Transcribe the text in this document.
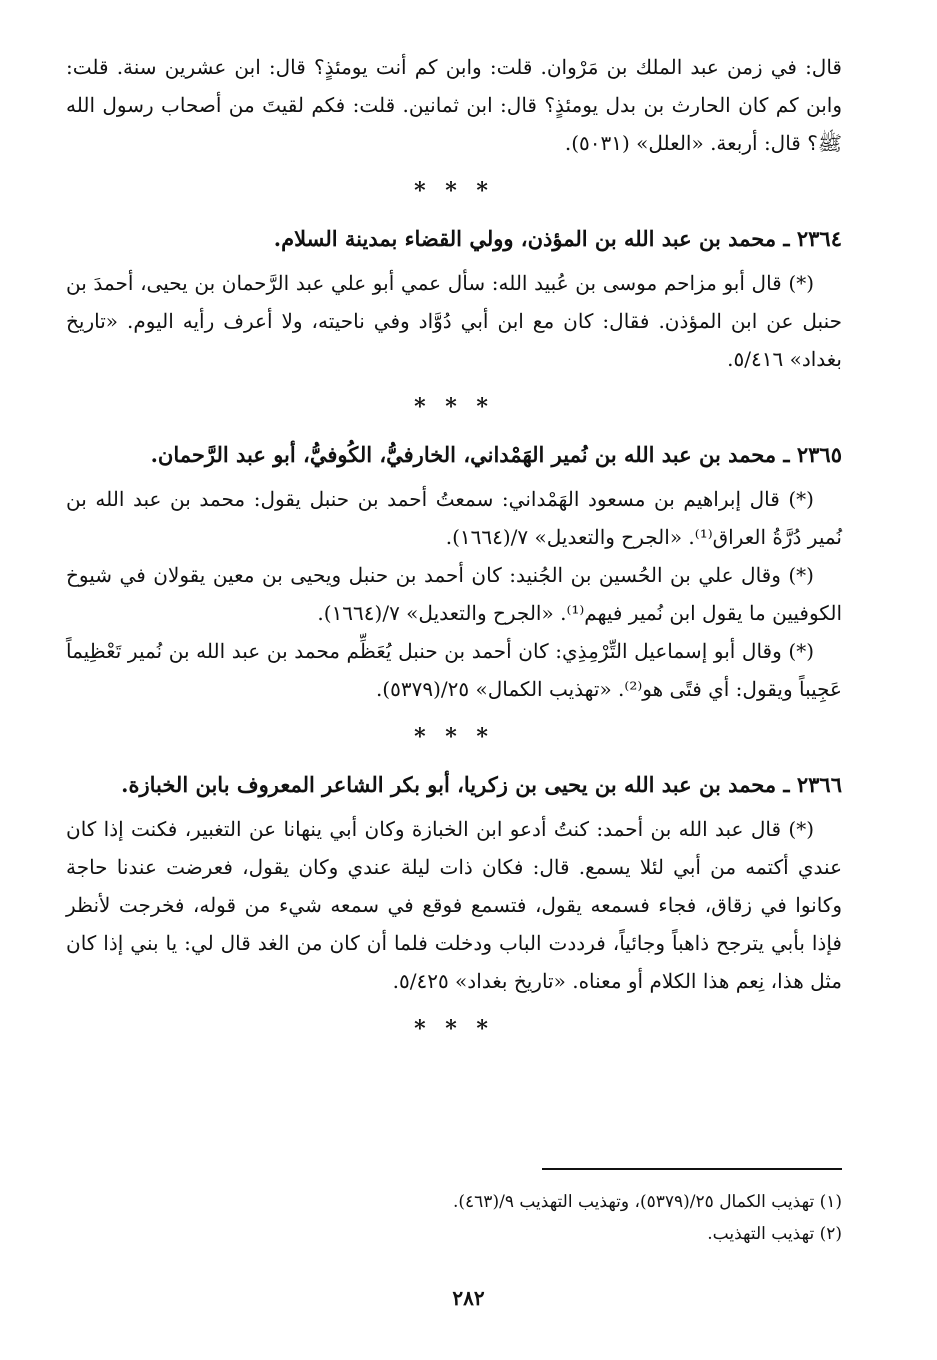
قال: في زمن عبد الملك بن مَرْوان. قلت: وابن كم أنت يومئذٍ؟ قال: ابن عشرين سنة. قلت: وابن كم كان الحارث بن بدل يومئذٍ؟ قال: ابن ثمانين. قلت: فكم لقيتَ من أصحاب رسول الله ﷺ؟ قال: أربعة. «العلل» (٥٠٣١).

* * *

٢٣٦٤ ـ محمد بن عبد الله بن المؤذن، وولي القضاء بمدينة السلام.

(*) قال أبو مزاحم موسى بن عُبيد الله: سأل عمي أبو علي عبد الرَّحمان بن يحيى، أحمدَ بن حنبل عن ابن المؤذن. فقال: كان مع ابن أبي دُوَّاد وفي ناحيته، ولا أعرف رأيه اليوم. «تاريخ بغداد» ٥/٤١٦.

* * *

٢٣٦٥ ـ محمد بن عبد الله بن نُمير الهَمْداني، الخارفيُّ، الكُوفيُّ، أبو عبد الرَّحمان.

(*) قال إبراهيم بن مسعود الهَمْداني: سمعتُ أحمد بن حنبل يقول: محمد بن عبد الله بن نُمير دُرَّةُ العراق⁽¹⁾. «الجرح والتعديل» ٧/(١٦٦٤).

(*) وقال علي بن الحُسين بن الجُنيد: كان أحمد بن حنبل ويحيى بن معين يقولان في شيوخ الكوفيين ما يقول ابن نُمير فيهم⁽¹⁾. «الجرح والتعديل» ٧/(١٦٦٤).

(*) وقال أبو إسماعيل التِّرْمِذِي: كان أحمد بن حنبل يُعَظِّم محمد بن عبد الله بن نُمير تَعْظِيماً عَجِيباً ويقول: أي فتًى هو⁽²⁾. «تهذيب الكمال» ٢٥/(٥٣٧٩).

* * *

٢٣٦٦ ـ محمد بن عبد الله بن يحيى بن زكريا، أبو بكر الشاعر المعروف بابن الخبازة.

(*) قال عبد الله بن أحمد: كنتُ أدعو ابن الخبازة وكان أبي ينهانا عن التغبير، فكنت إذا كان عندي أكتمه من أبي لئلا يسمع. قال: فكان ذات ليلة عندي وكان يقول، فعرضت عندنا حاجة وكانوا في زقاق، فجاء فسمعه يقول، فتسمع فوقع في سمعه شيء من قوله، فخرجت لأنظر فإذا بأبي يترجح ذاهباً وجائياً، فرددت الباب ودخلت فلما أن كان من الغد قال لي: يا بني إذا كان مثل هذا، نِعم هذا الكلام أو معناه. «تاريخ بغداد» ٥/٤٢٥.

* * *

(١) تهذيب الكمال ٢٥/(٥٣٧٩)، وتهذيب التهذيب ٩/(٤٦٣).

(٢) تهذيب التهذيب.

٢٨٢
